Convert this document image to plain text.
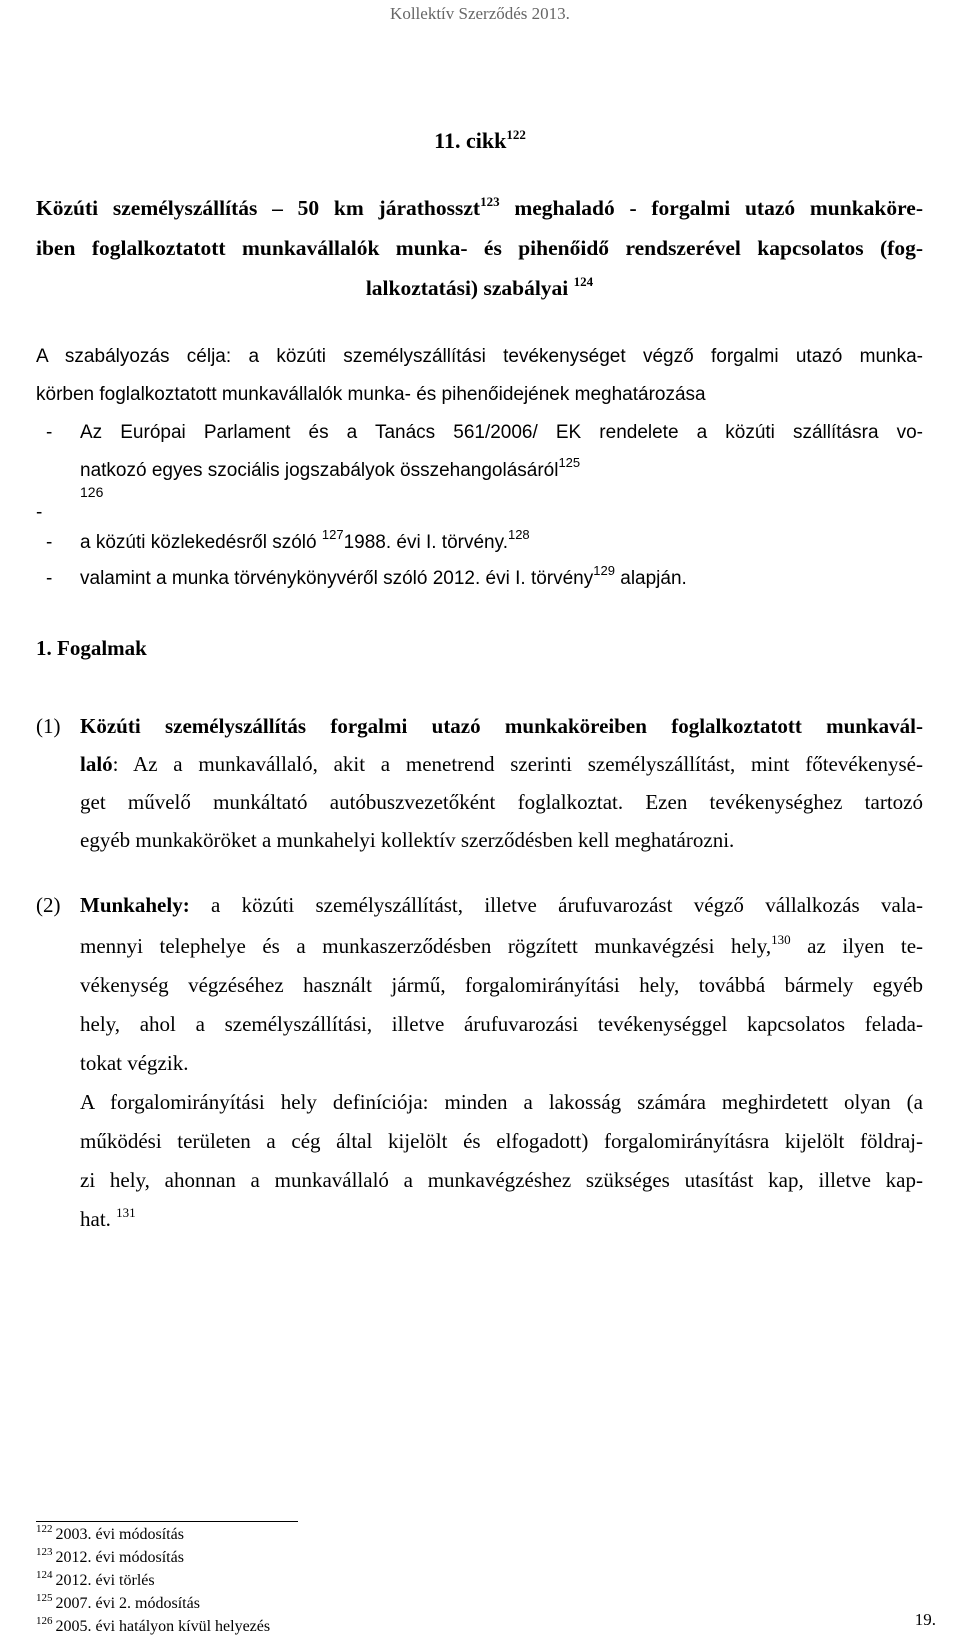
Kollektív Szerződés 2013.
11. cikk$^{122}$
Közúti személyszállítás – 50 km járathosszt$^{123}$ meghaladó - forgalmi utazó munkaköre-
iben foglalkoztatott munkavállalók munka- és pihenőidő rendszerével kapcsolatos (fog-
lalkoztatási) szabályai $^{124}$
A szabályozás célja: a közúti személyszállítási tevékenységet végző forgalmi utazó munka-
körben foglalkoztatott munkavállalók munka- és pihenőidejének meghatározása
- Az Európai Parlament és a Tanács 561/2006/ EK rendelete a közúti szállításra vo-
natkozó egyes szociális jogszabályok összehangolásáról$^{125}$
-
126
- a közúti közlekedésről szóló $^{127}$1988. évi I. törvény.$^{128}$
- valamint a munka törvénykönyvéről szóló 2012. évi I. törvény$^{129}$ alapján.
1. Fogalmak
(1) Közúti személyszállítás forgalmi utazó munkaköreiben foglalkoztatott munkavál-
laló: Az a munkavállaló, akit a menetrend szerinti személyszállítást, mint főtevékenysé-
get művelő munkáltató autóbuszvezetőként foglalkoztat. Ezen tevékenységhez tartozó
egyéb munkaköröket a munkahelyi kollektív szerződésben kell meghatározni.
(2) Munkahely: a közúti személyszállítást, illetve árufuvarozást végző vállalkozás vala-
mennyi telephelye és a munkaszerződésben rögzített munkavégzési hely,$^{130}$ az ilyen te-
vékenység végzéséhez használt jármű, forgalomirányítási hely, továbbá bármely egyéb
hely, ahol a személyszállítási, illetve árufuvarozási tevékenységgel kapcsolatos felada-
tokat végzik.
A forgalomirányítási hely definíciója: minden a lakosság számára meghirdetett olyan (a
működési területen a cég által kijelölt és elfogadott) forgalomirányításra kijelölt földraj-
zi hely, ahonnan a munkavállaló a munkavégzéshez szükséges utasítást kap, illetve kap-
hat. $^{131}$
$^{122}$ 2003. évi módosítás
$^{123}$ 2012. évi módosítás
$^{124}$ 2012. évi törlés
$^{125}$ 2007. évi 2. módosítás
$^{126}$ 2005. évi hatályon kívül helyezés	19.
